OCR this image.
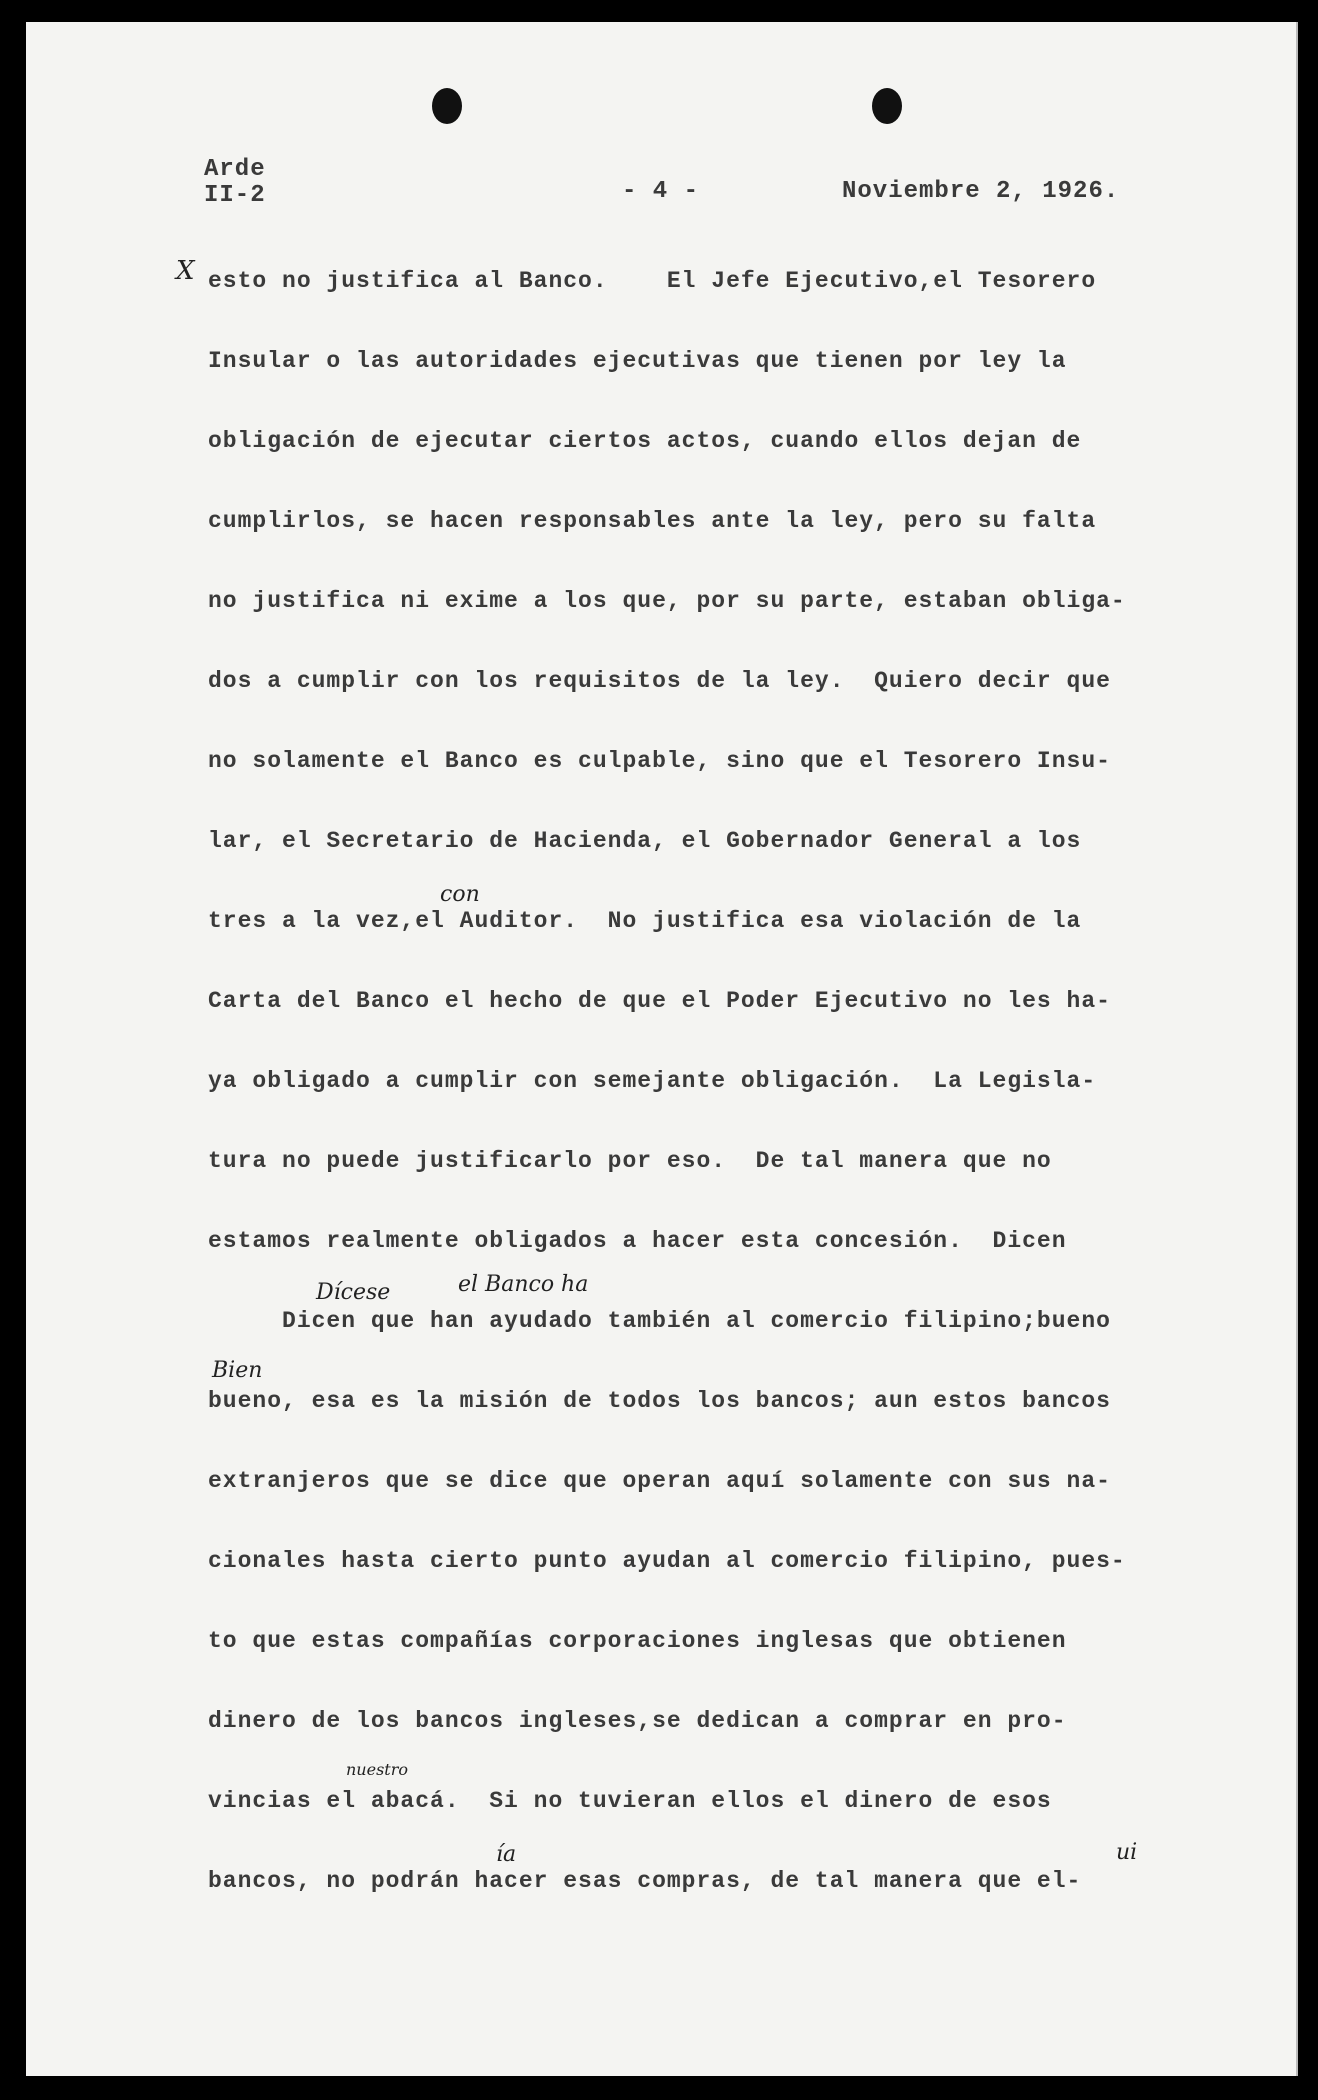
Arde
II-2	- 4 -	Noviembre 2, 1926.
esto no justifica al Banco.    El Jefe Ejecutivo,el Tesorero
Insular o las autoridades ejecutivas que tienen por ley la
obligación de ejecutar ciertos actos, cuando ellos dejan de
cumplirlos, se hacen responsables ante la ley, pero su falta
no justifica ni exime a los que, por su parte, estaban obliga-
dos a cumplir con los requisitos de la ley.  Quiero decir que
no solamente el Banco es culpable, sino que el Tesorero Insu-
lar, el Secretario de Hacienda, el Gobernador General a los
tres a la vez,el Auditor.  No justifica esa violación de la
Carta del Banco el hecho de que el Poder Ejecutivo no les ha-
ya obligado a cumplir con semejante obligación.  La Legisla-
tura no puede justificarlo por eso.  De tal manera que no
estamos realmente obligados a hacer esta concesión.  Dicen
Dicen que han ayudado también al comercio filipino;bueno
bueno, esa es la misión de todos los bancos; aun estos bancos
extranjeros que se dice que operan aquí solamente con sus na-
cionales hasta cierto punto ayudan al comercio filipino, pues-
to que estas compañías corporaciones inglesas que obtienen
dinero de los bancos ingleses,se dedican a comprar en pro-
vincias el abacá.  Si no tuvieran ellos el dinero de esos
bancos, no podrán hacer esas compras, de tal manera que el-
X
con
Dícese	el Banco ha
Bien
nuestro
ía	ui
